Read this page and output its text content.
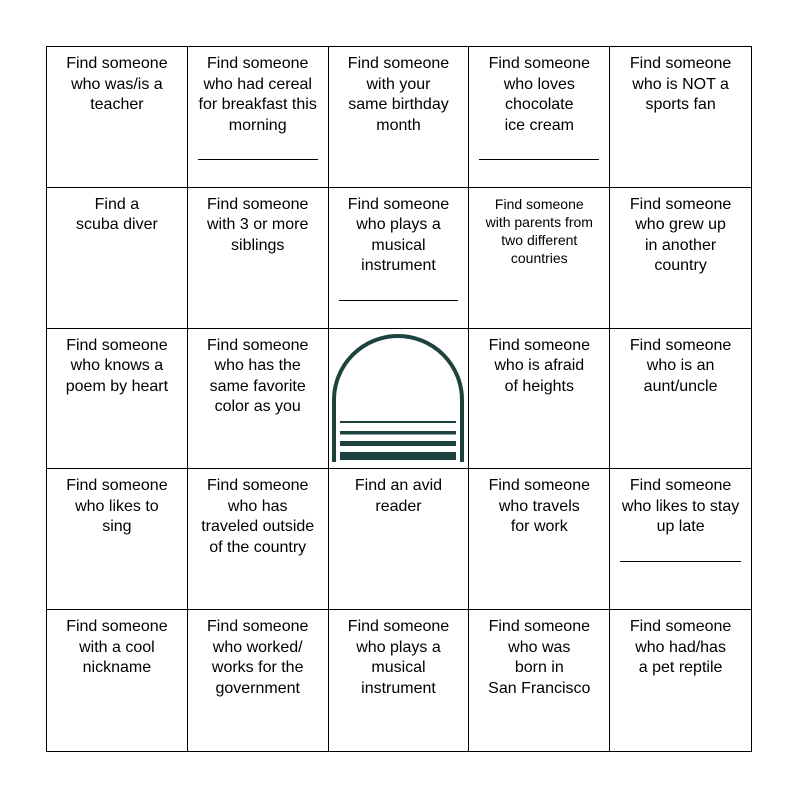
Find someone
who was/is a
teacher
Find someone
who had cereal
for breakfast this
morning
Find someone
with your
same birthday
month
Find someone
who loves
chocolate
ice cream
Find someone
who is NOT a
sports fan
Find a
scuba diver
Find someone
with 3 or more
siblings
Find someone
who plays a
musical
instrument
Find someone
with parents from
two different
countries
Find someone
who grew up
in another
country
Find someone
who knows a
poem by heart
Find someone
who has the
same favorite
color as you
Find someone
who is afraid
of heights
Find someone
who is an
aunt/uncle
Find someone
who likes to
sing
Find someone
who has
traveled outside
of the country
Find an avid
reader
Find someone
who travels
for work
Find someone
who likes to stay
up late
Find someone
with a cool
nickname
Find someone
who worked/
works for the
government
Find someone
who plays a
musical
instrument
Find someone
who was
born in
San Francisco
Find someone
who had/has
a pet reptile
